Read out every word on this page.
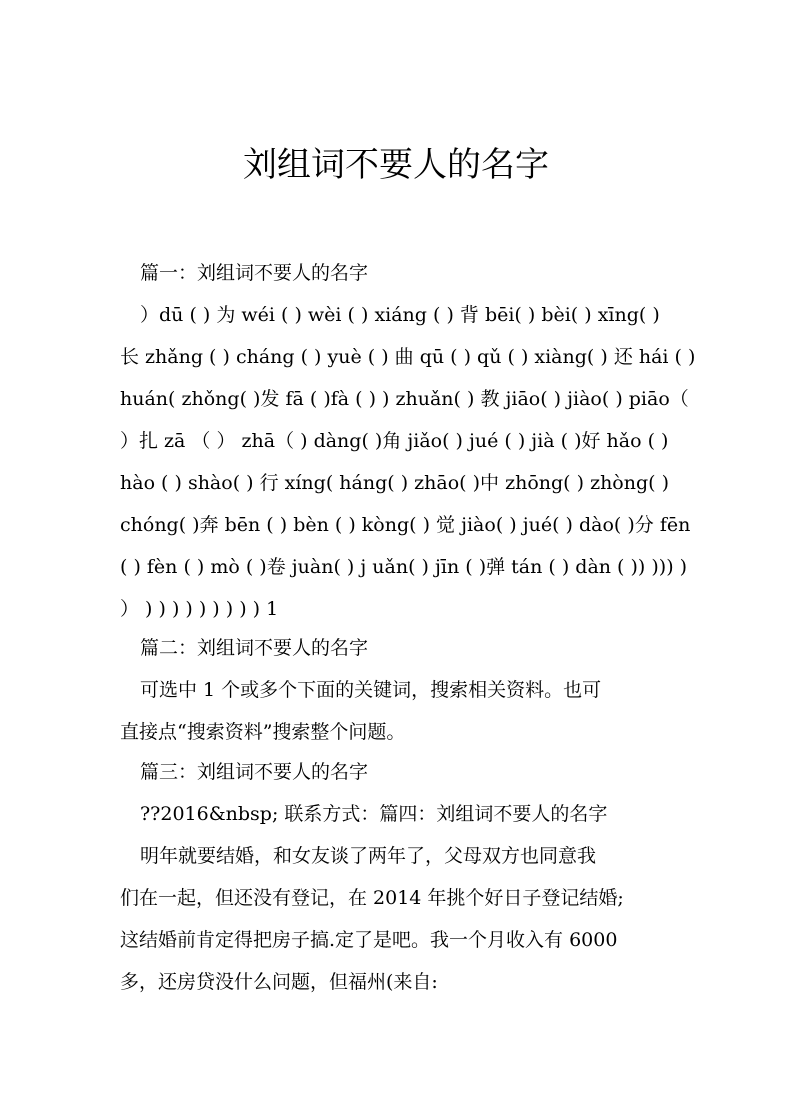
刘组词不要人的名字
篇一：刘组词不要人的名字
）dū ( ) 为 wéi ( ) wèi ( ) xiáng ( ) 背 bēi( ) bèi( ) xīng( )
长 zhǎng ( ) cháng ( ) yuè ( ) 曲 qū ( ) qǔ ( ) xiàng( ) 还 hái ( )
huán( zhǒng( )发 fā ( )fà ( ) ) zhuǎn( ) 教 jiāo( ) jiào( ) piāo（
）扎 zā （ ） zhā（ ) dàng( )角 jiǎo( ) jué ( ) jià ( )好 hǎo ( )
hào ( ) shào( ) 行 xíng( háng( ) zhāo( )中 zhōng( ) zhòng( )
chóng( )奔 bēn ( ) bèn ( ) kòng( ) 觉 jiào( ) jué( ) dào( )分 fēn
( ) fèn ( ) mò ( )卷 juàn( ) j uǎn( ) jīn ( )弹 tán ( ) dàn ( )) ))) )
） ) ) ) ) ) ) ) ) ) 1
篇二：刘组词不要人的名字
可选中 1 个或多个下面的关键词，搜索相关资料。也可
直接点“搜索资料”搜索整个问题。
篇三：刘组词不要人的名字
??2016&nbsp; 联系方式：篇四：刘组词不要人的名字
明年就要结婚，和女友谈了两年了，父母双方也同意我
们在一起，但还没有登记，在 2014 年挑个好日子登记结婚;
这结婚前肯定得把房子搞.定了是吧。我一个月收入有 6000
多，还房贷没什么问题，但福州(来自:
